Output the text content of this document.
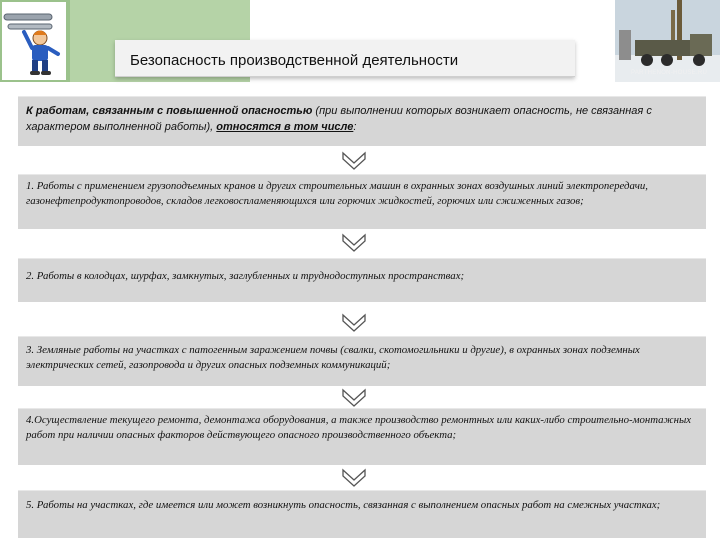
Безопасность производственной деятельности
PARTHENON-HOUSE.RU
К работам, связанным с повышенной опасностью (при выполнении которых возникает опасность, не связанная с характером выполненной работы), относятся в том числе:
1. Работы с применением грузоподъемных кранов и других строительных машин в охранных зонах воздушных линий электропередачи, газонефтепродуктопроводов, складов легковоспламеняющихся или горючих жидкостей, горючих или сжиженных газов;
2. Работы в колодцах, шурфах, замкнутых, заглубленных и труднодоступных пространствах;
3. Земляные работы на участках с патогенным заражением почвы (свалки, скотомогильники и другие), в охранных зонах подземных электрических сетей, газопровода и других опасных подземных коммуникаций;
4.Осуществление текущего ремонта, демонтажа оборудования, а также производство ремонтных или каких-либо строительно-монтажных работ при наличии опасных факторов действующего опасного производственного объекта;
5. Работы на участках, где имеется или может возникнуть опасность, связанная с выполнением опасных работ на смежных участках;
